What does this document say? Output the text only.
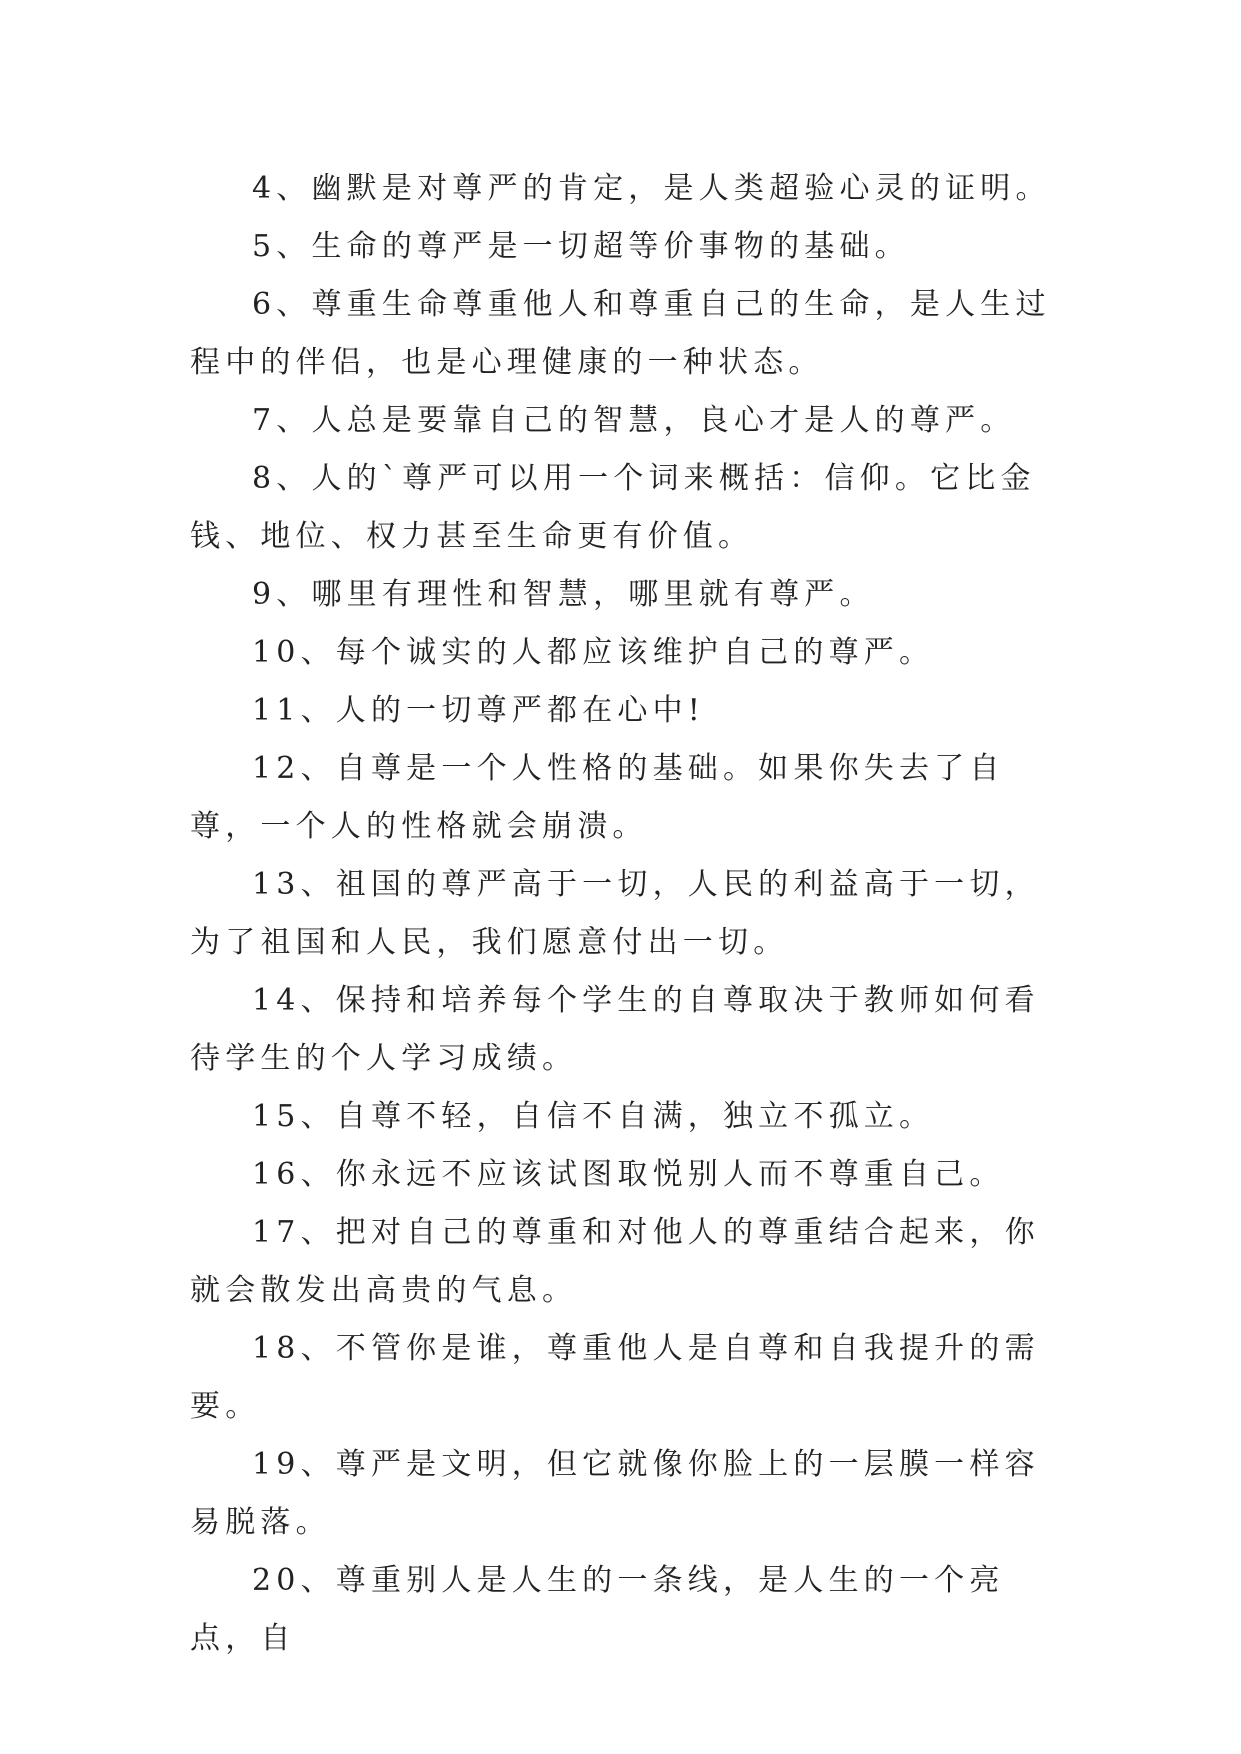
4、幽默是对尊严的肯定，是人类超验心灵的证明。

5、生命的尊严是一切超等价事物的基础。

6、尊重生命尊重他人和尊重自己的生命，是人生过程中的伴侣，也是心理健康的一种状态。

7、人总是要靠自己的智慧，良心才是人的尊严。

8、人的`尊严可以用一个词来概括：信仰。它比金钱、地位、权力甚至生命更有价值。

9、哪里有理性和智慧，哪里就有尊严。

10、每个诚实的人都应该维护自己的尊严。

11、人的一切尊严都在心中!

12、自尊是一个人性格的基础。如果你失去了自尊，一个人的性格就会崩溃。

13、祖国的尊严高于一切，人民的利益高于一切，为了祖国和人民，我们愿意付出一切。

14、保持和培养每个学生的自尊取决于教师如何看待学生的个人学习成绩。

15、自尊不轻，自信不自满，独立不孤立。

16、你永远不应该试图取悦别人而不尊重自己。

17、把对自己的尊重和对他人的尊重结合起来，你就会散发出高贵的气息。

18、不管你是谁，尊重他人是自尊和自我提升的需要。

19、尊严是文明，但它就像你脸上的一层膜一样容易脱落。

20、尊重别人是人生的一条线，是人生的一个亮点，自
